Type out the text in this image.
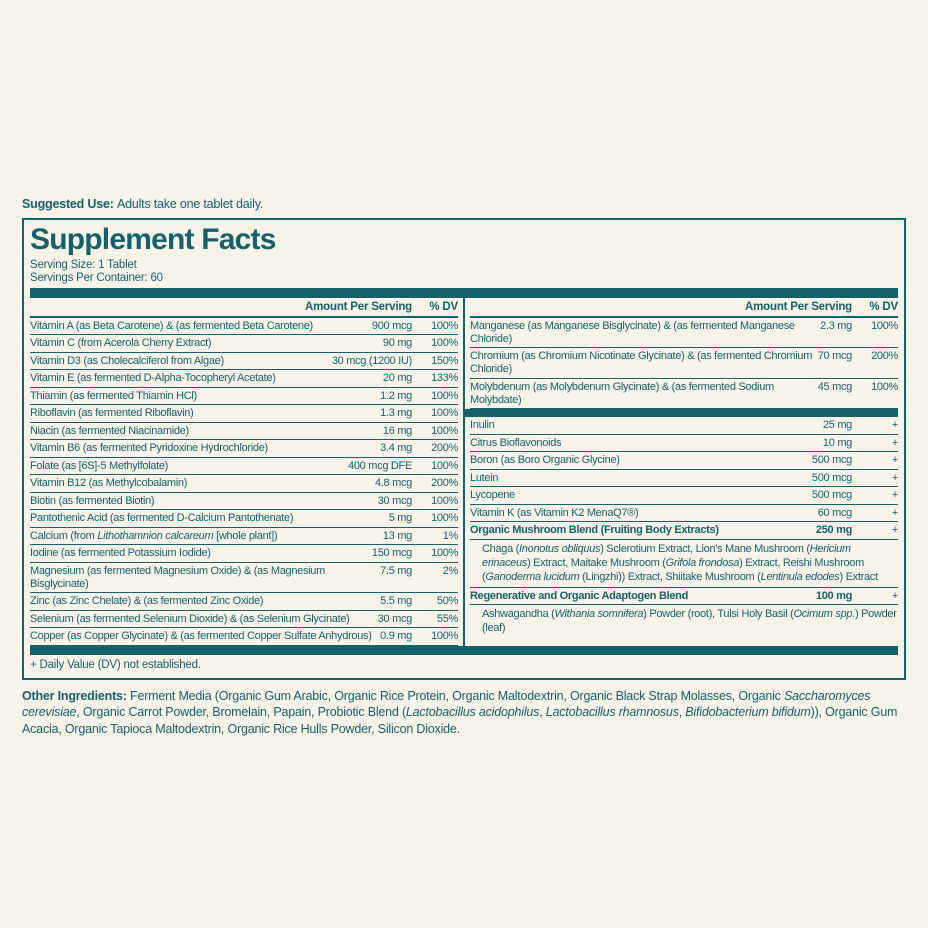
Suggested Use: Adults take one tablet daily.
Supplement Facts
Serving Size: 1 Tablet
Servings Per Container: 60
Amount Per Serving	% DV
Vitamin A (as Beta Carotene) & (as fermented Beta Carotene)	900 mcg	100%
Vitamin C (from Acerola Cherry Extract)	90 mg	100%
Vitamin D3 (as Cholecalciferol from Algae)	30 mcg (1200 IU)	150%
Vitamin E (as fermented D-Alpha-Tocopheryl Acetate)	20 mg	133%
Thiamin (as fermented Thiamin HCl)	1.2 mg	100%
Riboflavin (as fermented Riboflavin)	1.3 mg	100%
Niacin (as fermented Niacinamide)	16 mg	100%
Vitamin B6 (as fermented Pyridoxine Hydrochloride)	3.4 mg	200%
Folate (as [6S]-5 Methylfolate)	400 mcg DFE	100%
Vitamin B12 (as Methylcobalamin)	4.8 mcg	200%
Biotin (as fermented Biotin)	30 mcg	100%
Pantothenic Acid (as fermented D-Calcium Pantothenate)	5 mg	100%
Calcium (from Lithothamnion calcareum [whole plant])	13 mg	1%
Iodine (as fermented Potassium Iodide)	150 mcg	100%
Magnesium (as fermented Magnesium Oxide) & (as Magnesium Bisglycinate)
7.5 mg	2%
Zinc (as Zinc Chelate) & (as fermented Zinc Oxide)	5.5 mg	50%
Selenium (as fermented Selenium Dioxide) & (as Selenium Glycinate)	30 mcg	55%
Copper (as Copper Glycinate) & (as fermented Copper Sulfate Anhydrous) 0.9 mg	100%
Amount Per Serving	% DV
Manganese (as Manganese Bisglycinate) & (as fermented Manganese Chloride)
2.3 mg	100%
Chromium (as Chromium Nicotinate Glycinate) & (as fermented Chromium Chloride)
70 mcg	200%
Molybdenum (as Molybdenum Glycinate) & (as fermented Sodium Molybdate)
45 mcg	100%
Inulin	25 mg	+
Citrus Bioflavonoids	10 mg	+
Boron (as Boro Organic Glycine)	500 mcg	+
Lutein	500 mcg	+
Lycopene	500 mcg	+
Vitamin K (as Vitamin K2 MenaQ7®)	60 mcg	+
Organic Mushroom Blend (Fruiting Body Extracts)	250 mg	+
Chaga (Inonotus obliquus) Sclerotium Extract, Lion's Mane Mushroom (Hericium erinaceus) Extract, Maitake Mushroom (Grifola frondosa) Extract, Reishi Mushroom (Ganoderma lucidum (Lingzhi)) Extract, Shiitake Mushroom (Lentinula edodes) Extract
Regenerative and Organic Adaptogen Blend	100 mg	+
Ashwagandha (Withania somnifera) Powder (root), Tulsi Holy Basil (Ocimum spp.) Powder (leaf)
+ Daily Value (DV) not established.
Other Ingredients: Ferment Media (Organic Gum Arabic, Organic Rice Protein, Organic Maltodextrin, Organic Black Strap Molasses, Organic Saccharomyces cerevisiae, Organic Carrot Powder, Bromelain, Papain, Probiotic Blend (Lactobacillus acidophilus, Lactobacillus rhamnosus, Bifidobacterium bifidum)), Organic Gum Acacia, Organic Tapioca Maltodextrin, Organic Rice Hulls Powder, Silicon Dioxide.
